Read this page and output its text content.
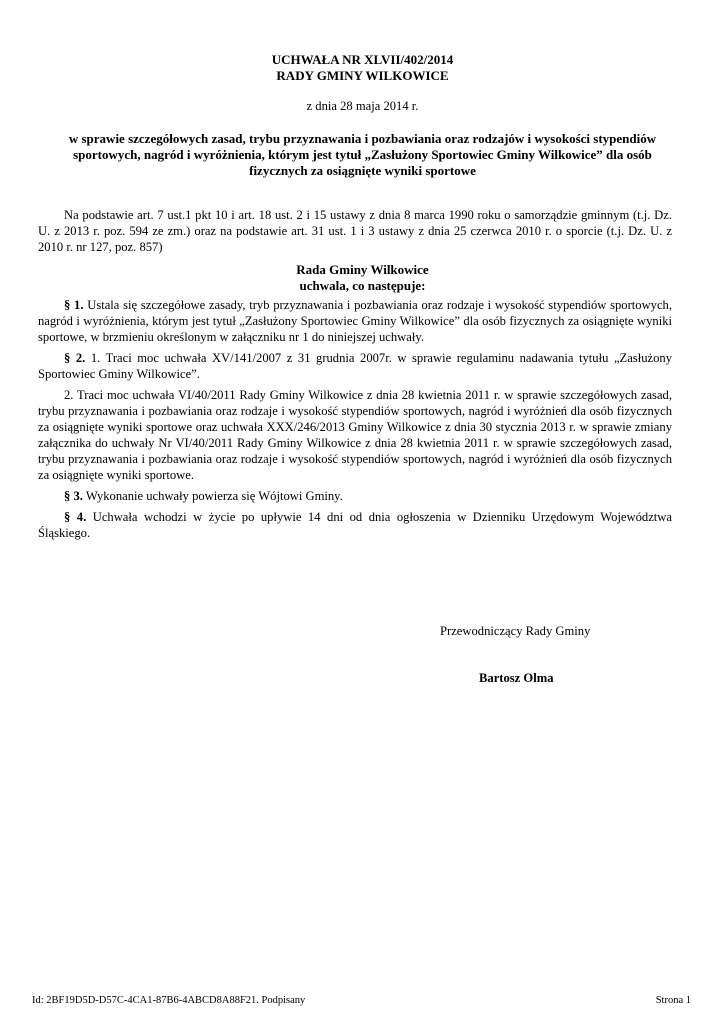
UCHWAŁA NR XLVII/402/2014
RADY GMINY WILKOWICE
z dnia 28 maja 2014 r.
w sprawie szczegółowych zasad, trybu przyznawania i pozbawiania oraz rodzajów i wysokości stypendiów sportowych, nagród i wyróżnienia, którym jest tytuł „Zasłużony Sportowiec Gminy Wilkowice” dla osób fizycznych za osiągnięte wyniki sportowe

Na podstawie art. 7 ust.1 pkt 10 i art. 18 ust. 2 i 15 ustawy z dnia 8 marca 1990 roku o samorządzie gminnym (t.j. Dz. U. z 2013 r. poz. 594 ze zm.) oraz na podstawie art. 31 ust. 1 i 3 ustawy z dnia 25 czerwca 2010 r. o sporcie (t.j. Dz. U. z 2010 r. nr 127, poz. 857)

Rada Gminy Wilkowice
uchwala, co następuje:

§ 1. Ustala się szczegółowe zasady, tryb przyznawania i pozbawiania oraz rodzaje i wysokość stypendiów sportowych, nagród i wyróżnienia, którym jest tytuł „Zasłużony Sportowiec Gminy Wilkowice” dla osób fizycznych za osiągnięte wyniki sportowe, w brzmieniu określonym w załączniku nr 1 do niniejszej uchwały.

§ 2. 1. Traci moc uchwała XV/141/2007 z 31 grudnia 2007r. w sprawie regulaminu nadawania tytułu „Zasłużony Sportowiec Gminy Wilkowice”.

2. Traci moc uchwała VI/40/2011 Rady Gminy Wilkowice z dnia 28 kwietnia 2011 r. w sprawie szczegółowych zasad, trybu przyznawania i pozbawiania oraz rodzaje i wysokość stypendiów sportowych, nagród i wyróżnień dla osób fizycznych za osiągnięte wyniki sportowe oraz uchwała XXX/246/2013 Gminy Wilkowice z dnia 30 stycznia 2013 r. w sprawie zmiany załącznika do uchwały Nr VI/40/2011 Rady Gminy Wilkowice z dnia 28 kwietnia 2011 r. w sprawie szczegółowych zasad, trybu przyznawania i pozbawiania oraz rodzaje i wysokość stypendiów sportowych, nagród i wyróżnień dla osób fizycznych za osiągnięte wyniki sportowe.

§ 3. Wykonanie uchwały powierza się Wójtowi Gminy.

§ 4. Uchwała wchodzi w życie po upływie 14 dni od dnia ogłoszenia w Dzienniku Urzędowym Województwa Śląskiego.

Przewodniczący Rady Gminy
Bartosz Olma
Id: 2BF19D5D-D57C-4CA1-87B6-4ABCD8A88F21. Podpisany	Strona 1
